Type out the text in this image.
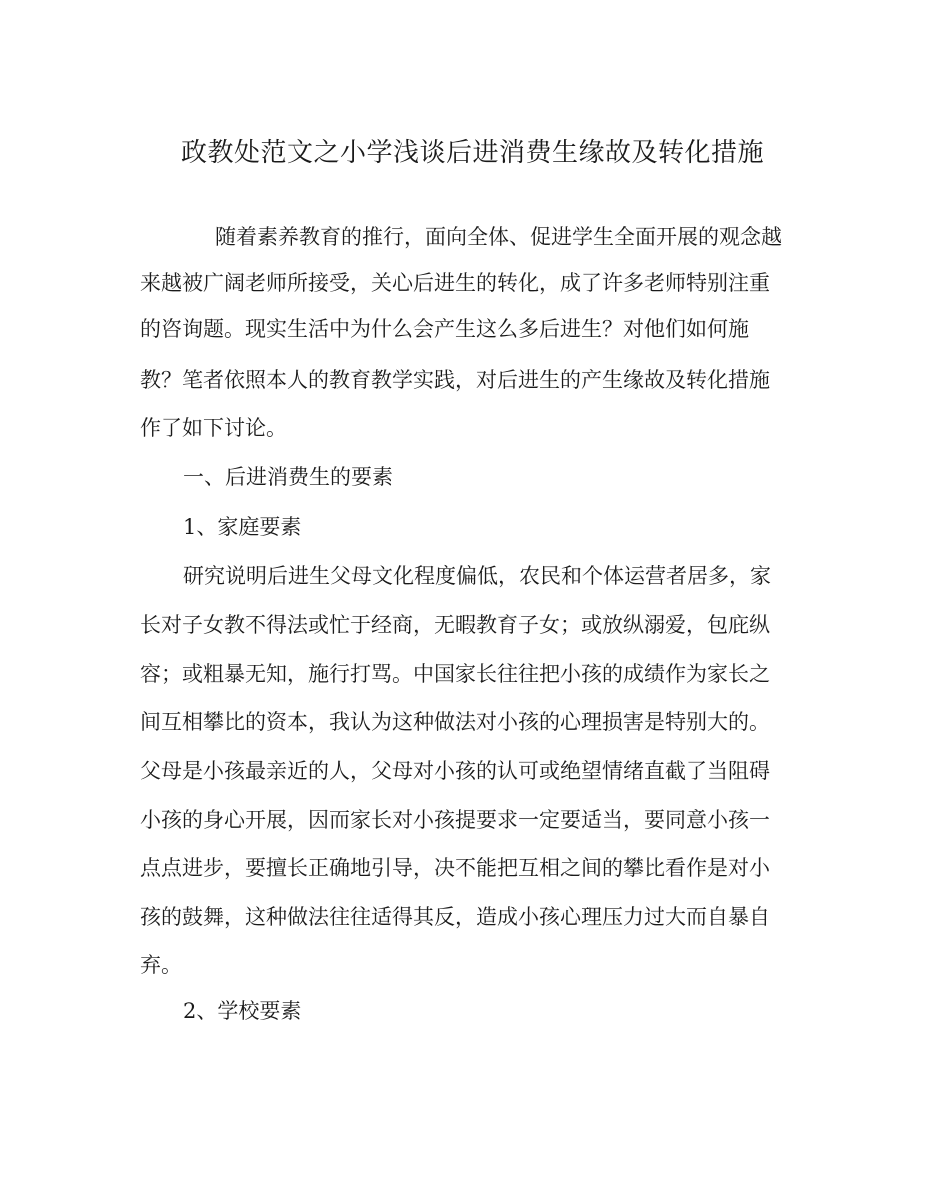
政教处范文之小学浅谈后进消费生缘故及转化措施
随着素养教育的推行，面向全体、促进学生全面开展的观念越
来越被广阔老师所接受，关心后进生的转化，成了许多老师特别注重
的咨询题。现实生活中为什么会产生这么多后进生？对他们如何施
教？笔者依照本人的教育教学实践，对后进生的产生缘故及转化措施
作了如下讨论。
一、后进消费生的要素
1、家庭要素
研究说明后进生父母文化程度偏低，农民和个体运营者居多，家
长对子女教不得法或忙于经商，无暇教育子女；或放纵溺爱，包庇纵
容；或粗暴无知，施行打骂。中国家长往往把小孩的成绩作为家长之
间互相攀比的资本，我认为这种做法对小孩的心理损害是特别大的。
父母是小孩最亲近的人，父母对小孩的认可或绝望情绪直截了当阻碍
小孩的身心开展，因而家长对小孩提要求一定要适当，要同意小孩一
点点进步，要擅长正确地引导，决不能把互相之间的攀比看作是对小
孩的鼓舞，这种做法往往适得其反，造成小孩心理压力过大而自暴自
弃。
2、学校要素
